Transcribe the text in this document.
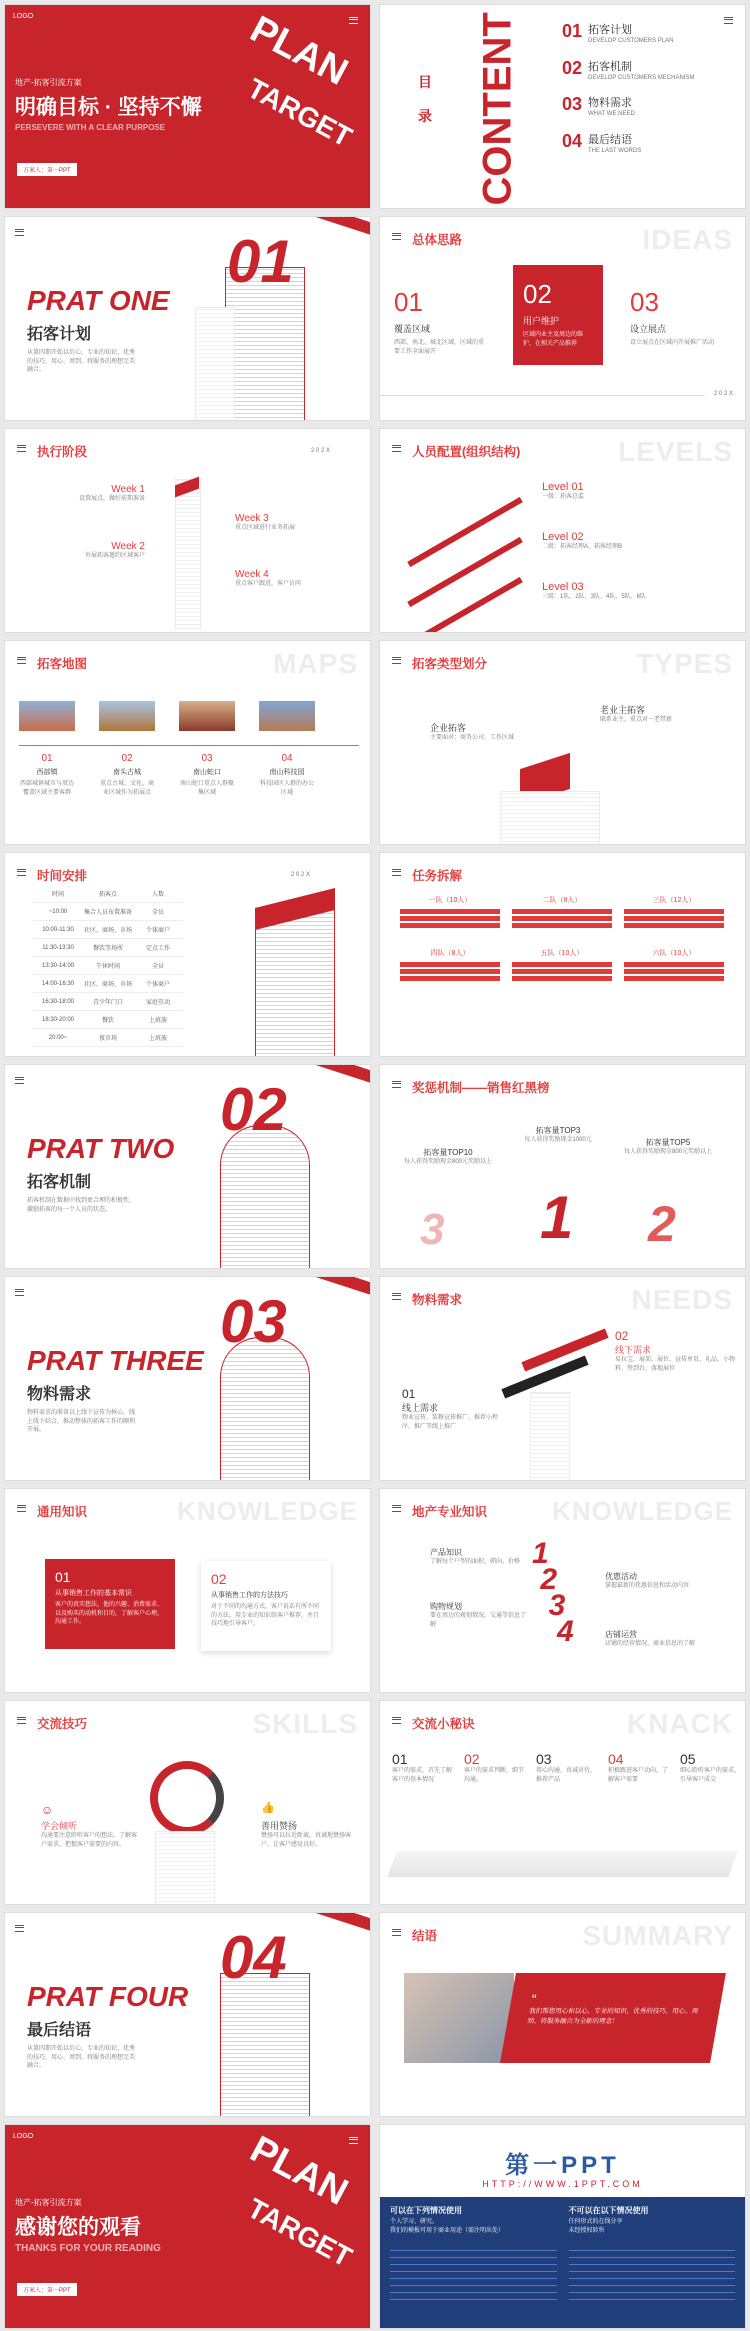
LOGO
地产-拓客引流方案
明确目标 · 坚持不懈
PERSEVERE WITH A CLEAR PURPOSE
方案人：第一PPT
PLAN
TARGET	目 录 CONTENT 01 拓客计划
DEVELOP CUSTOMERS PLAN
02 拓客机制
DEVELOP CUSTOMERS MECHANISM
03 物料需求
WHAT WE NEED
04 最后结语
THE LAST WORDS
PRAT ONE
拓客计划
从第四期开始以后心，专业的知识、优秀的技巧、用心、周到，将服务的理想完美融合。
01	总体思路	IDEAS
01
覆盖区域
西部、南北、城北区域，区域的重要工作全面展开
02
用户维护
区域内业主及周边的维护，在相关产品推荐
03
设立展点
设立展点在区域内开展推广活动
2 0 2 X
执行阶段	2 0 2 X
Week 1
设置展点，做好前期准备
Week 2
外展拓客邀约区域客户
Week 3
重点区域进行业务拓展
Week 4
重点客户跟进，客户访问
人员配置(组织结构)	LEVELS
Level 01
一级：拓客总监
Level 02
二级：拓客经理A、拓客经理B
Level 03
三级：1队、2队、3队、4队、5队、6队
拓客地图	MAPS
01
西部镇
西部城镇城市与周边覆盖区域主要客群
02
南头古城
重点古城、文化、商业区域作为拓展点
03
南山蛇口
南山蛇口重点人群聚集区域
04
南山科技园
科技园区人群的办公区域
拓客类型划分	TYPES
企业拓客
主要面对：商务公司、工作区域
老业主拓客
联系业主，重点对一老带新
时间安排	2 0 2 X
时间	拓客点	人数
~10:00	集合人员布置准备	全员
10:00-11:30	社区、商场、市场	个体商户
11:30-13:30	餐饮等场所	定点工作
13:30-14:00	午休时间	全员
14:00-16:30	社区、商场、市场	个体商户
16:30-18:00	青少年门口	家庭互动
18:30-20:00	餐饮	上班族
20:00~	夜市场	上班族
任务拆解
一队（10人）	二队（8人）	三队（12人）
四队（8人）	五队（10人）	六队（10人）
PRAT TWO
拓客机制
拓客机制在数据中找到更合理的积极性，激励拓客的每一个人员的状态。
02	奖惩机制——销售红黑榜
拓客量TOP10
每人获得奖励现金800元奖励以上
拓客量TOP3
每人获得奖励现金1000元	拓客量TOP5
每人获得奖励现金800元奖励以上
3 1 2
PRAT THREE
物料需求
物料需求的准备以上线下宣传为核心，线上线下结合，推动整体的拓客工作的顺利开展。
03	物料需求	NEEDS
01
线上需求
物业宣传、装修宣传推广、推荐小程序、推广等线上推广
02
线下需求
易拉宝、展架、展位、宣传单页、礼品、小物料、签到台、落地展位
通用知识	KNOWLEDGE
01
从事销售工作的基本常识
客户的真实想法、他的兴趣、消费需求、以及购买的动机和目的，了解客户心理，沟通工作。
02
从事销售工作的方法技巧
对于不同的沟通方式，客户说话有所不同的方法，用专业的知识给客户推荐，并且技巧地引导客户。
地产专业知识	KNOWLEDGE
1
2
3
4
产品知识
了解每个户型的面积、朝向、价格
购物规划
要在周边的规划情况、交通等信息了解
优惠活动
掌握最新的优惠信息和活动内容
店铺运营
店铺的经营情况、商业信息的了解
交流技巧	SKILLS
☺
学会倾听
沟通要注意聆听客户的想法，了解客户需求，把握客户需要的内容。
👍
善用赞扬
赞扬可以拉近距离，真诚地赞扬客户，让客户感觉良好。
交流小秘诀	KNACK
01
客户的需求，首先了解客户的基本情况
02
客户的需求判断，细节沟通。
03
用心沟通，真诚对待，推荐产品
04
积极跟进客户动向，了解客户需要
05
细心聆听客户的需求，引导客户成交
PRAT FOUR
最后结语
从第四期开始以后心，专业的知识、优秀的技巧、用心、周到，将服务的理想完美融合。
04	结语	SUMMARY
“
我们帮您用心和以心，专业的知识，优秀的技巧、用心、周到、将服务融合为全新的理念！
LOGO
地产-拓客引流方案
感谢您的观看
THANKS FOR YOUR READING
方案人：第一PPT
PLAN
TARGET
第一PPT
HTTP://WWW.1PPT.COM
可以在下列情况使用
个人学习、研究。
我们的模板可用于商业用途（需注明出处）
不可以在以下情况使用
任何形式的在线分享
未经授权转售
